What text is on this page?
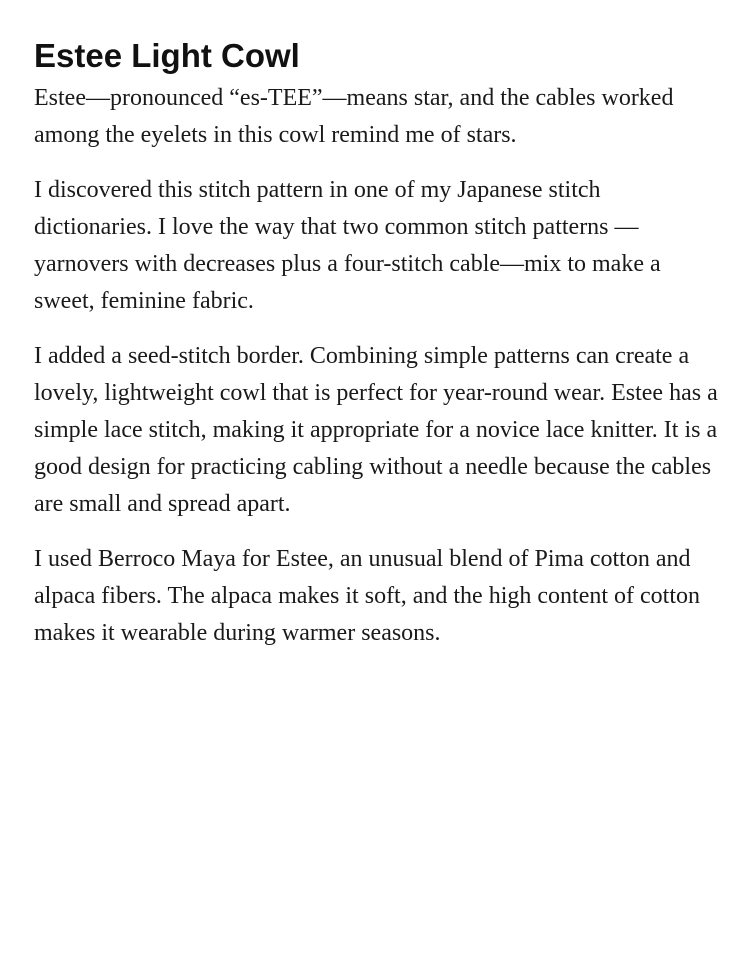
Estee Light Cowl

Estee—pronounced “es-TEE”—means star, and the cables worked among the eyelets in this cowl remind me of stars.

I discovered this stitch pattern in one of my Japanese stitch dictionaries. I love the way that two common stitch patterns —yarnovers with decreases plus a four-stitch cable—mix to make a sweet, feminine fabric.

I added a seed-stitch border. Combining simple patterns can create a lovely, lightweight cowl that is perfect for year-round wear. Estee has a simple lace stitch, making it appropriate for a novice lace knitter. It is a good design for practicing cabling without a needle because the cables are small and spread apart.

I used Berroco Maya for Estee, an unusual blend of Pima cotton and alpaca fibers. The alpaca makes it soft, and the high content of cotton makes it wearable during warmer seasons.
